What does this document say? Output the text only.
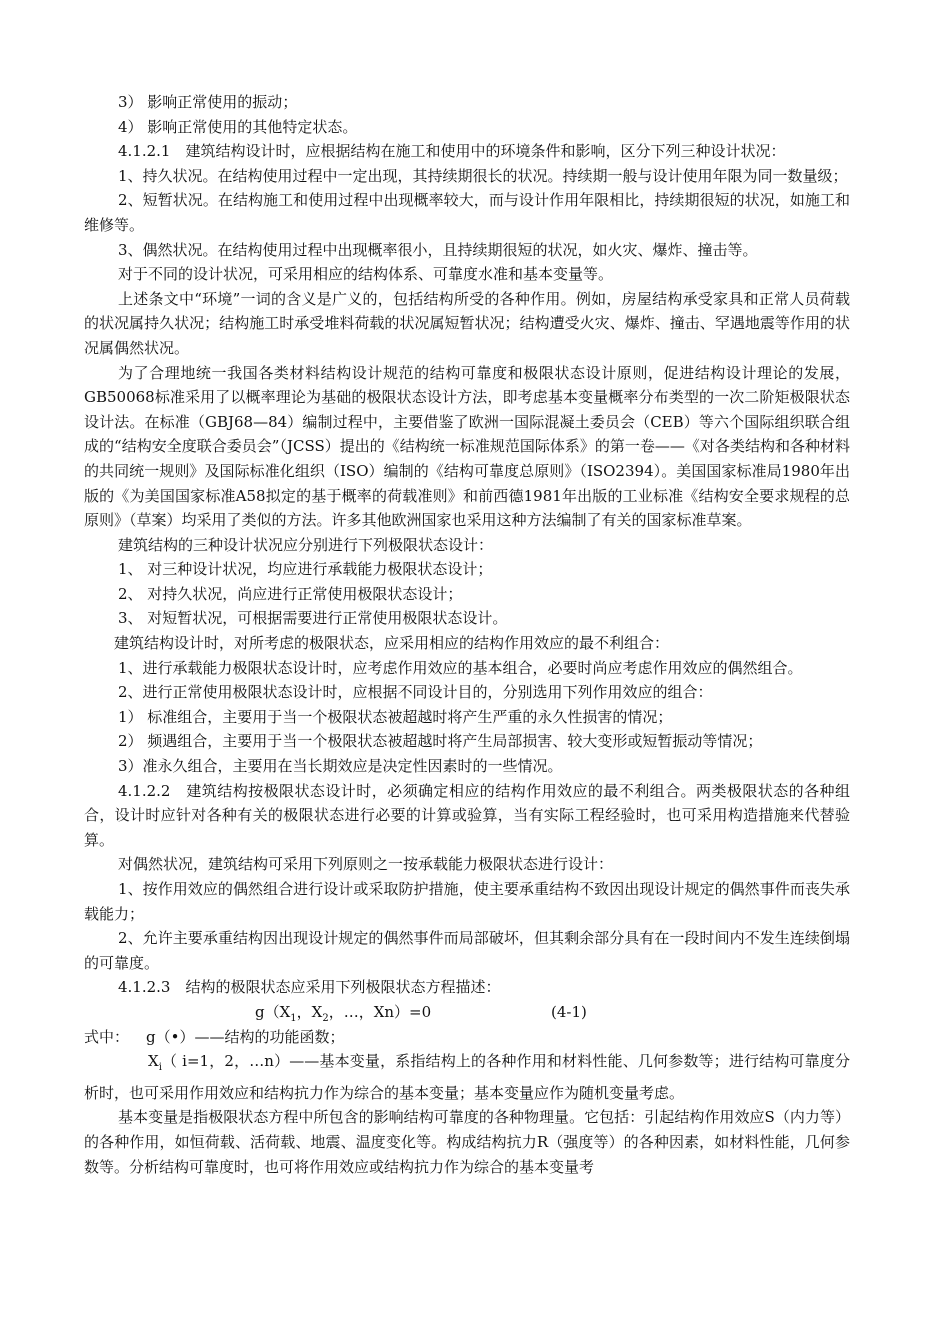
3） 影响正常使用的振动；

4） 影响正常使用的其他特定状态。

4.1.2.1　建筑结构设计时，应根据结构在施工和使用中的环境条件和影响，区分下列三种设计状况：

1、持久状况。在结构使用过程中一定出现，其持续期很长的状况。持续期一般与设计使用年限为同一数量级；

2、短暂状况。在结构施工和使用过程中出现概率较大，而与设计作用年限相比，持续期很短的状况，如施工和维修等。

3、偶然状况。在结构使用过程中出现概率很小，且持续期很短的状况，如火灾、爆炸、撞击等。

对于不同的设计状况，可采用相应的结构体系、可靠度水准和基本变量等。

上述条文中“环境”一词的含义是广义的，包括结构所受的各种作用。例如，房屋结构承受家具和正常人员荷载的状况属持久状况；结构施工时承受堆料荷载的状况属短暂状况；结构遭受火灾、爆炸、撞击、罕遇地震等作用的状况属偶然状况。

为了合理地统一我国各类材料结构设计规范的结构可靠度和极限状态设计原则，促进结构设计理论的发展，GB50068标准采用了以概率理论为基础的极限状态设计方法，即考虑基本变量概率分布类型的一次二阶矩极限状态设计法。在标准（GBJ68—84）编制过程中，主要借鉴了欧洲一国际混凝土委员会（CEB）等六个国际组织联合组成的“结构安全度联合委员会”（JCSS）提出的《结构统一标准规范国际体系》的第一卷——《对各类结构和各种材料的共同统一规则》及国际标准化组织（ISO）编制的《结构可靠度总原则》（ISO2394）。美国国家标准局1980年出版的《为美国国家标准A58拟定的基于概率的荷载准则》和前西德1981年出版的工业标准《结构安全要求规程的总原则》（草案）均采用了类似的方法。许多其他欧洲国家也采用这种方法编制了有关的国家标准草案。

建筑结构的三种设计状况应分别进行下列极限状态设计：

1、 对三种设计状况，均应进行承载能力极限状态设计；

2、 对持久状况，尚应进行正常使用极限状态设计；

3、 对短暂状况，可根据需要进行正常使用极限状态设计。

建筑结构设计时，对所考虑的极限状态，应采用相应的结构作用效应的最不利组合：

1、进行承载能力极限状态设计时，应考虑作用效应的基本组合，必要时尚应考虑作用效应的偶然组合。

2、进行正常使用极限状态设计时，应根据不同设计目的，分别选用下列作用效应的组合：

1） 标准组合，主要用于当一个极限状态被超越时将产生严重的永久性损害的情况；

2） 频遇组合，主要用于当一个极限状态被超越时将产生局部损害、较大变形或短暂振动等情况；

3）准永久组合，主要用在当长期效应是决定性因素时的一些情况。

4.1.2.2　建筑结构按极限状态设计时，必须确定相应的结构作用效应的最不利组合。两类极限状态的各种组合，设计时应针对各种有关的极限状态进行必要的计算或验算，当有实际工程经验时，也可采用构造措施来代替验算。

对偶然状况，建筑结构可采用下列原则之一按承载能力极限状态进行设计：

1、按作用效应的偶然组合进行设计或采取防护措施，使主要承重结构不致因出现设计规定的偶然事件而丧失承载能力；

2、允许主要承重结构因出现设计规定的偶然事件而局部破坏，但其剩余部分具有在一段时间内不发生连续倒塌的可靠度。

4.1.2.3　结构的极限状态应采用下列极限状态方程描述：

$g(X_1$，$X_2$，…，Xn）=0	(4-1)

式中： g（•）——结构的功能函数；

$X_i$（ i=1，2，…n）——基本变量，系指结构上的各种作用和材料性能、几何参数等；进行结构可靠度分析时，也可采用作用效应和结构抗力作为综合的基本变量；基本变量应作为随机变量考虑。

基本变量是指极限状态方程中所包含的影响结构可靠度的各种物理量。它包括：引起结构作用效应S（内力等）的各种作用，如恒荷载、活荷载、地震、温度变化等。构成结构抗力R（强度等）的各种因素，如材料性能，几何参数等。分析结构可靠度时，也可将作用效应或结构抗力作为综合的基本变量考
